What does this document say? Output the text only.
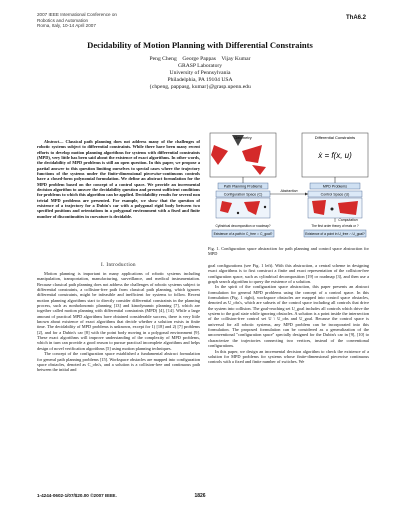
2007 IEEE International Conference on
Robotics and Automation
Roma, Italy, 10-14 April 2007
ThA6.2
Decidability of Motion Planning with Differential Constraints
Peng Cheng    George Pappas    Vijay Kumar
GRASP Laboratory
University of Pennsylvania
Philadelphia, PA 19104 USA
{chpeng, pappasg, kumar}@grasp.upenn.edu

Abstract— Classical path planning does not address many of the challenges of robotic systems subject to differential constraints. While there have been many recent efforts to develop motion planning algorithms for systems with differential constraints (MPD), very little has been said about the existence of exact algorithms. In other words, the decidability of MPD problems is still an open question. In this paper, we propose a partial answer to this question limiting ourselves to special cases where the trajectory functions of the systems under the finite-dimensional piecewise-continuous controls have a closed-form polynomial formulation. We define an abstract formulation for the MPD problem based on the concept of a control space. We provide an incremental decision algorithm to answer the decidability question and present sufficient conditions for problems to which this algorithm can be applied. Decidability results for several non trivial MPD problems are presented. For example, we show that the question of existence of a trajectory for a Dubin's car with a polygonal rigid body between two specified positions and orientations in a polygonal environment with a fixed and finite number of discontinuities in curvature is decidable.

I. Introduction

Motion planning is important in many applications of robotic systems including manipulation, transportation, manufacturing, surveillance, and medical instrumentation. Because classical path planning does not address the challenges of robotic systems subject to differential constraints, a collision-free path from classical path planning, which ignores differential constraints, might be infeasible and inefficient for systems to follow. Recent motion planning algorithms start to directly consider differential constraints in the planning process, such as nonholonomic planning [13] and kinodynamic planning [7], which are together called motion planning with differential constraints (MPD) [4], [14]. While a large amount of practical MPD algorithms have obtained considerable success, there is very little known about existence of exact algorithms that decide whether a solution exists in finite time. The decidability of MPD problems is unknown, except for 1) [18] and 2) [7] problems [2], and for a Dubin's car [8] with the point body moving in a polygonal environment [9]. These exact algorithms will improve understanding of the complexity of MPD problems, which in turn can provide a good reason to pursue practical incomplete algorithms and helps design of novel verification algorithms [5] using motion planning techniques.

The concept of the configuration space established a fundamental abstract formulation for general path planning problems [15]. Workspace obstacles are mapped into configuration space obstacles, denoted as C_obs's, and a solution is a collision-free and continuous path between the initial and

Geometry	Differential Constraints
ẋ = f(x, u)
Path Planning Problems	MPD Problems
Configuration Space (C)	Control Space (U)
Abstraction
Computation
Cylindrical decomposition or roadmap?	The first order theory of reals or ?
Existence of a path in C_free ∩ C_goal?	Existence of a point in U_free ∩ U_goal?
Fig. 1. Configuration space abstraction for path planning and control space abstraction for MPD

goal configurations (see Fig. 1 left). With this abstraction, a central scheme in designing exact algorithms is to first construct a finite and exact representation of the collision-free configuration space, such as cylindrical decomposition [19] or roadmap [3], and then use a graph search algorithm to query the existence of a solution.

In the spirit of the configuration space abstraction, this paper presents an abstract formulation for general MPD problems using the concept of a control space. In this formulation (Fig. 1 right), workspace obstacles are mapped into control space obstacles, denoted as U_obs's, which are subsets of the control space including all controls that drive the system into collision. The goal-reaching set U_goal includes all controls which drive the system to the goal state while ignoring obstacles. A solution is a point inside the intersection of the collision-free control set U \ U_obs and U_goal. Because the control space is universal for all robotic systems, any MPD problem can be incorporated into this formulation. The proposed formulation can be considered as a generalization of the unconventional "configuration space" specially designed for the Dubin's car in [9], [10] to characterize the trajectories connecting two vertices, instead of the conventional configurations.

In this paper, we design an incremental decision algorithm to check the existence of a solution for MPD problems for systems whose finite-dimensional piecewise continuous controls with a fixed and finite number of switches. We

1-4244-0602-1/07/$20.00 ©2007 IEEE.	1826
